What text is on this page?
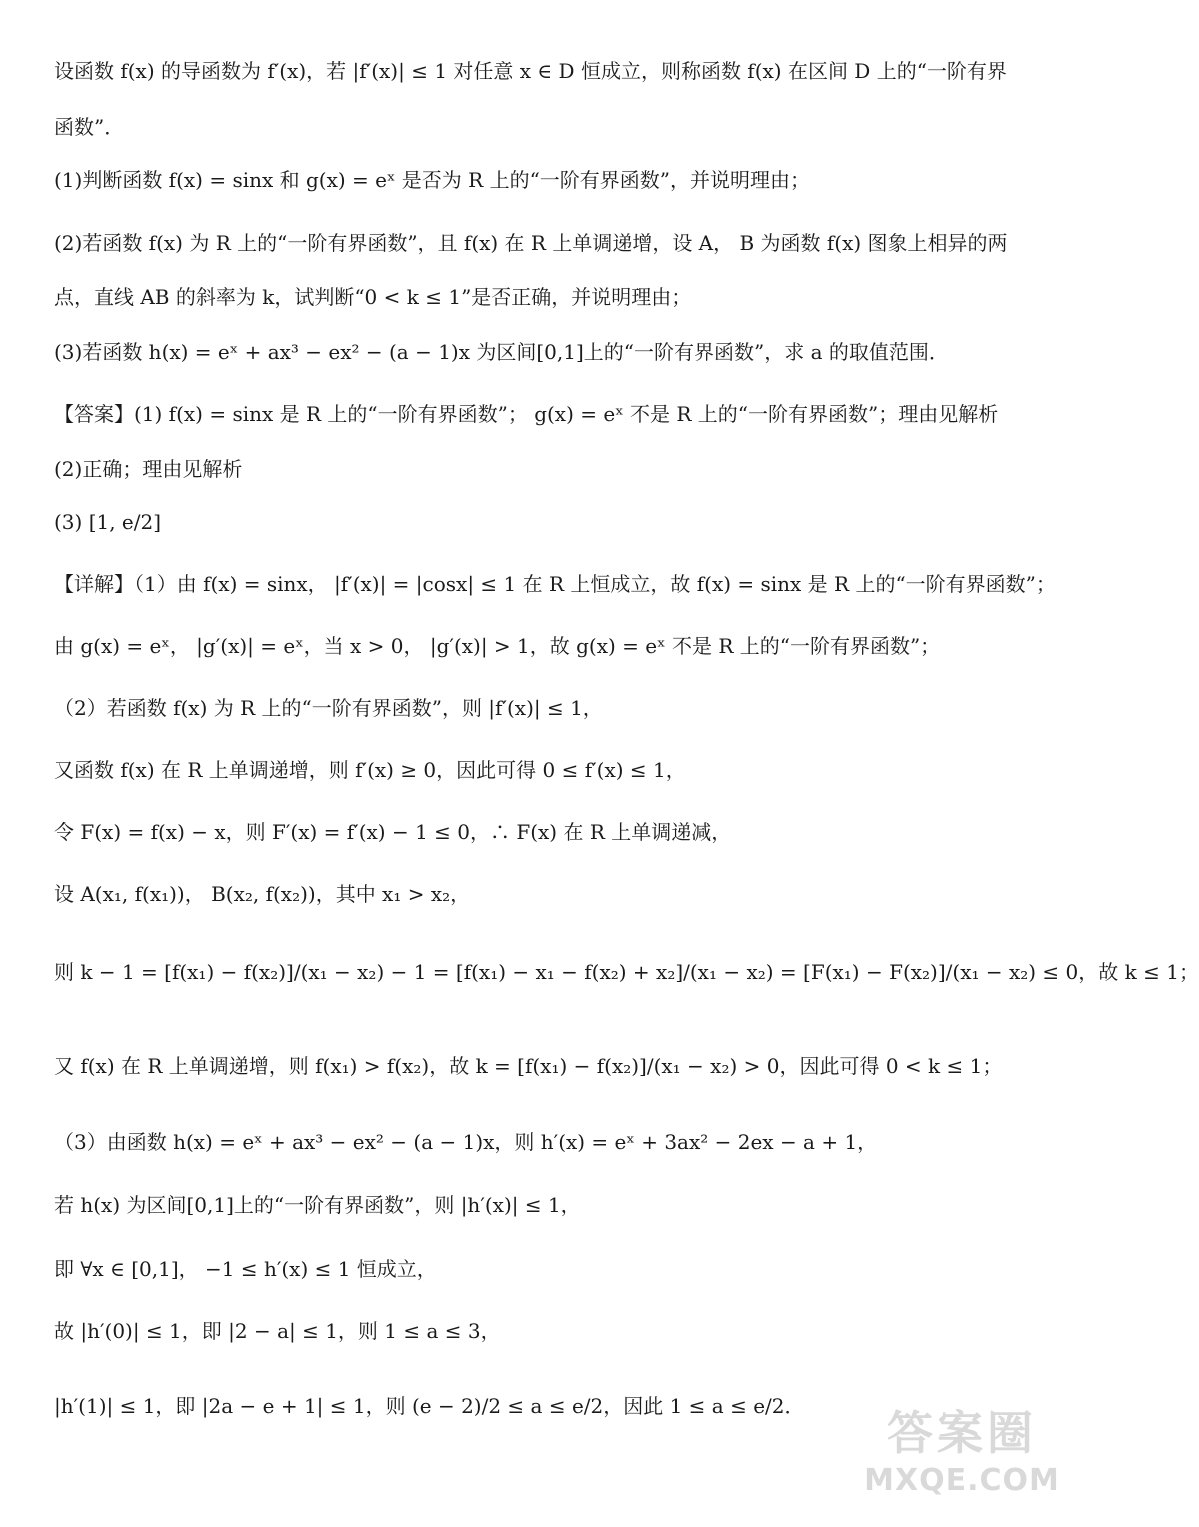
设函数 f(x) 的导函数为 f′(x)，若 |f′(x)| ≤ 1 对任意 x ∈ D 恒成立，则称函数 f(x) 在区间 D 上的“一阶有界
函数”．
(1)判断函数 f(x) = sinx 和 g(x) = eˣ 是否为 R 上的“一阶有界函数”，并说明理由；
(2)若函数 f(x) 为 R 上的“一阶有界函数”，且 f(x) 在 R 上单调递增，设 A， B 为函数 f(x) 图象上相异的两
点，直线 AB 的斜率为 k，试判断“0 < k ≤ 1”是否正确，并说明理由；
(3)若函数 h(x) = eˣ + ax³ − ex² − (a − 1)x 为区间[0,1]上的“一阶有界函数”，求 a 的取值范围．
【答案】(1) f(x) = sinx 是 R 上的“一阶有界函数”； g(x) = eˣ 不是 R 上的“一阶有界函数”；理由见解析
(2)正确；理由见解析
(3) [1, e/2]
【详解】（1）由 f(x) = sinx， |f′(x)| = |cosx| ≤ 1 在 R 上恒成立，故 f(x) = sinx 是 R 上的“一阶有界函数”；
由 g(x) = eˣ， |g′(x)| = eˣ，当 x > 0， |g′(x)| > 1，故 g(x) = eˣ 不是 R 上的“一阶有界函数”；
（2）若函数 f(x) 为 R 上的“一阶有界函数”，则 |f′(x)| ≤ 1，
又函数 f(x) 在 R 上单调递增，则 f′(x) ≥ 0，因此可得 0 ≤ f′(x) ≤ 1，
令 F(x) = f(x) − x，则 F′(x) = f′(x) − 1 ≤ 0，∴ F(x) 在 R 上单调递减，
设 A(x₁, f(x₁))， B(x₂, f(x₂))，其中 x₁ > x₂，
则 k − 1 = [f(x₁) − f(x₂)]/(x₁ − x₂) − 1 = [f(x₁) − x₁ − f(x₂) + x₂]/(x₁ − x₂) = [F(x₁) − F(x₂)]/(x₁ − x₂) ≤ 0，故 k ≤ 1；
又 f(x) 在 R 上单调递增，则 f(x₁) > f(x₂)，故 k = [f(x₁) − f(x₂)]/(x₁ − x₂) > 0，因此可得 0 < k ≤ 1；
（3）由函数 h(x) = eˣ + ax³ − ex² − (a − 1)x，则 h′(x) = eˣ + 3ax² − 2ex − a + 1，
若 h(x) 为区间[0,1]上的“一阶有界函数”，则 |h′(x)| ≤ 1，
即 ∀x ∈ [0,1]， −1 ≤ h′(x) ≤ 1 恒成立，
故 |h′(0)| ≤ 1，即 |2 − a| ≤ 1，则 1 ≤ a ≤ 3，
|h′(1)| ≤ 1，即 |2a − e + 1| ≤ 1，则 (e − 2)/2 ≤ a ≤ e/2，因此 1 ≤ a ≤ e/2．	答案圈
MXQE.COM
